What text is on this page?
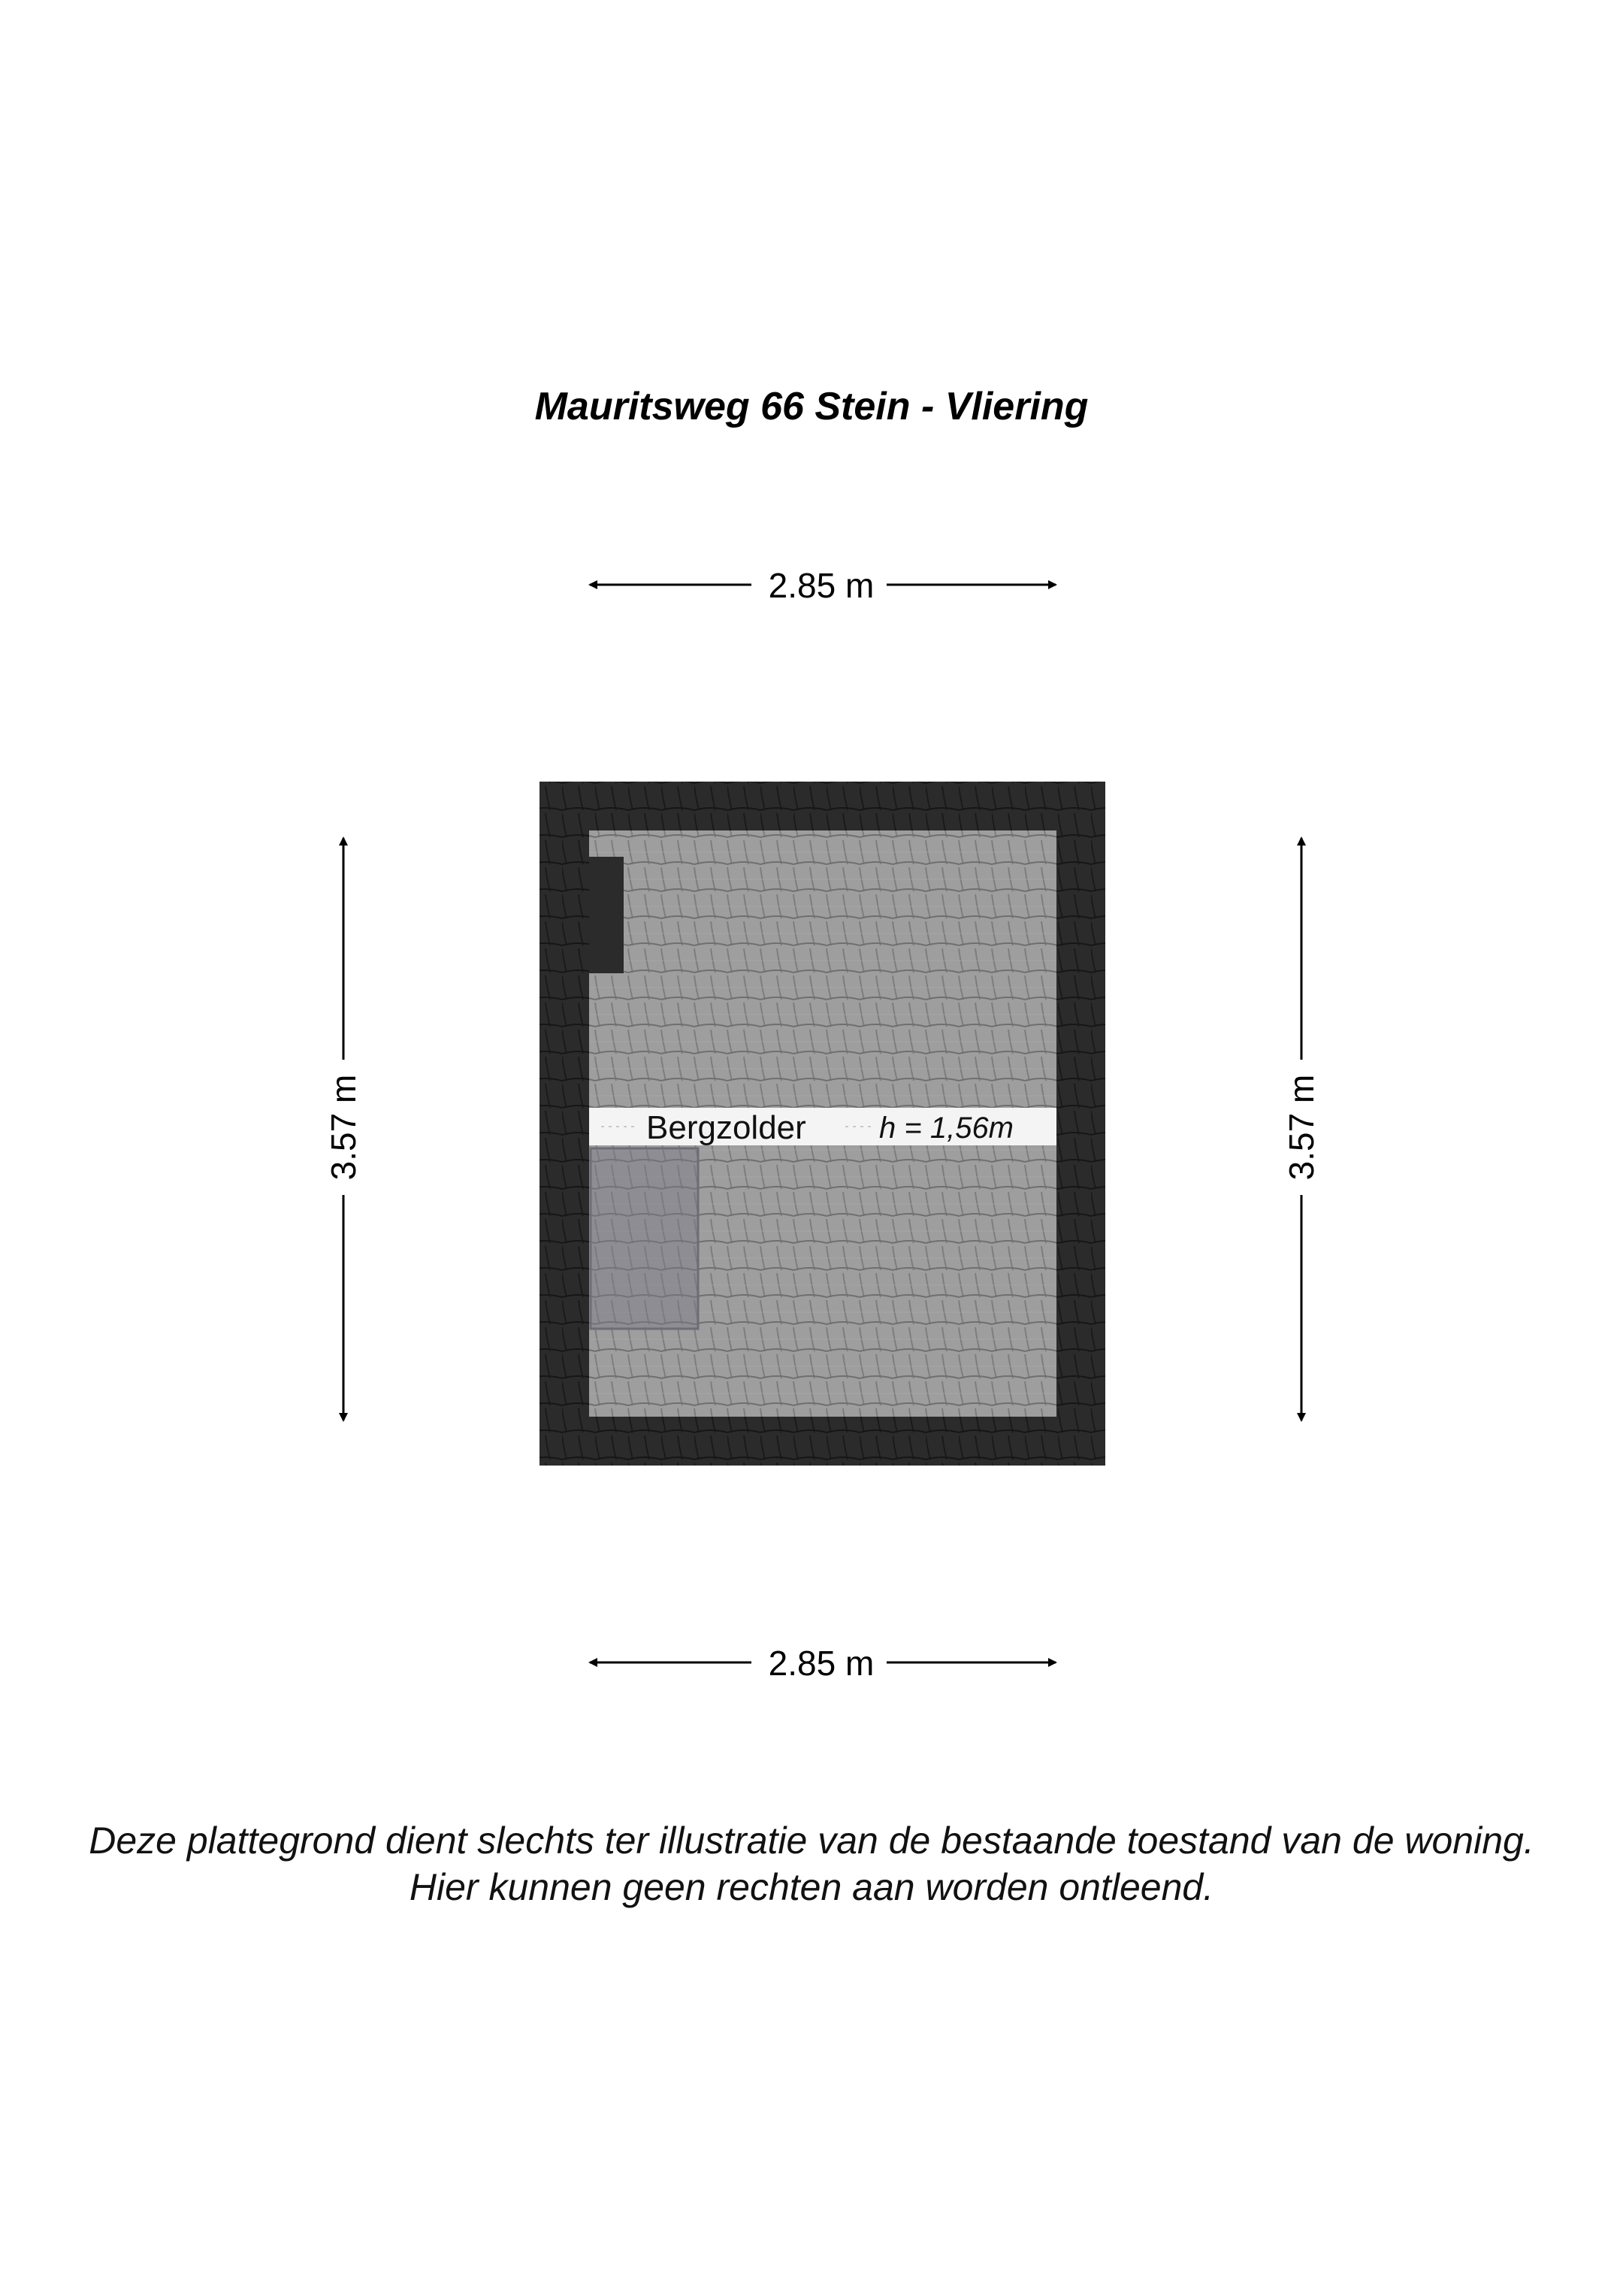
Mauritsweg 66 Stein - Vliering
2.85 m
2.85 m
3.57 m	3.57 m
Bergzolder h = 1,56m
Deze plattegrond dient slechts ter illustratie van de bestaande toestand van de woning.
Hier kunnen geen rechten aan worden ontleend.
